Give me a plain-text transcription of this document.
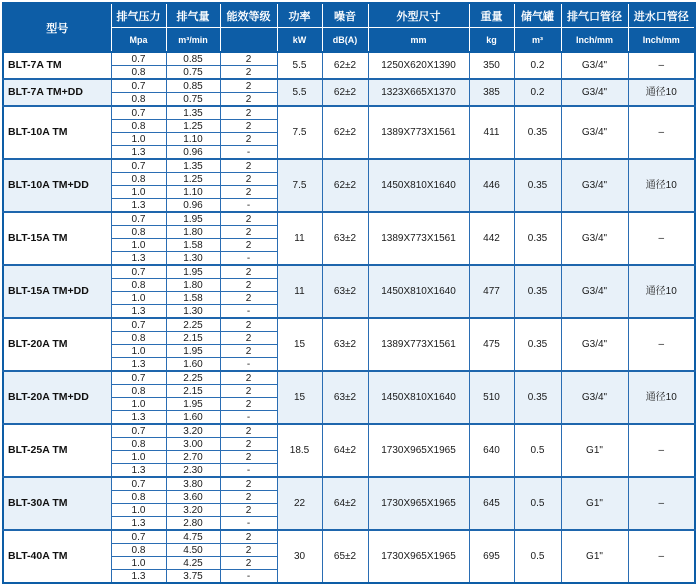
型号	排气压力	排气量	能效等级	功率	噪音	外型尺寸	重量	储气罐	排气口管径	进水口管径
	Mpa	m³/min		kW	dB(A)	mm	kg	m³	Inch/mm	Inch/mm
BLT-7A TM	0.7	0.85	2	5.5	62±2	1250X620X1390	350	0.2	G3/4"	–
	0.8	0.75	2							
BLT-7A TM+DD	0.7	0.85	2	5.5	62±2	1323X665X1370	385	0.2	G3/4"	通径10
	0.8	0.75	2							
BLT-10A TM	0.7	1.35	2	7.5	62±2	1389X773X1561	411	0.35	G3/4"	–
	0.8	1.25	2							
	1.0	1.10	2							
	1.3	0.96	-							
BLT-10A TM+DD	0.7	1.35	2	7.5	62±2	1450X810X1640	446	0.35	G3/4"	通径10
	0.8	1.25	2							
	1.0	1.10	2							
	1.3	0.96	-							
BLT-15A TM	0.7	1.95	2	11	63±2	1389X773X1561	442	0.35	G3/4"	–
	0.8	1.80	2							
	1.0	1.58	2							
	1.3	1.30	-							
BLT-15A TM+DD	0.7	1.95	2	11	63±2	1450X810X1640	477	0.35	G3/4"	通径10
	0.8	1.80	2							
	1.0	1.58	2							
	1.3	1.30	-							
BLT-20A TM	0.7	2.25	2	15	63±2	1389X773X1561	475	0.35	G3/4"	–
	0.8	2.15	2							
	1.0	1.95	2							
	1.3	1.60	-							
BLT-20A TM+DD	0.7	2.25	2	15	63±2	1450X810X1640	510	0.35	G3/4"	通径10
	0.8	2.15	2							
	1.0	1.95	2							
	1.3	1.60	-							
BLT-25A TM	0.7	3.20	2	18.5	64±2	1730X965X1965	640	0.5	G1"	–
	0.8	3.00	2							
	1.0	2.70	2							
	1.3	2.30	-							
BLT-30A TM	0.7	3.80	2	22	64±2	1730X965X1965	645	0.5	G1"	–
	0.8	3.60	2							
	1.0	3.20	2							
	1.3	2.80	-							
BLT-40A TM	0.7	4.75	2	30	65±2	1730X965X1965	695	0.5	G1"	–
	0.8	4.50	2							
	1.0	4.25	2							
	1.3	3.75	-							
